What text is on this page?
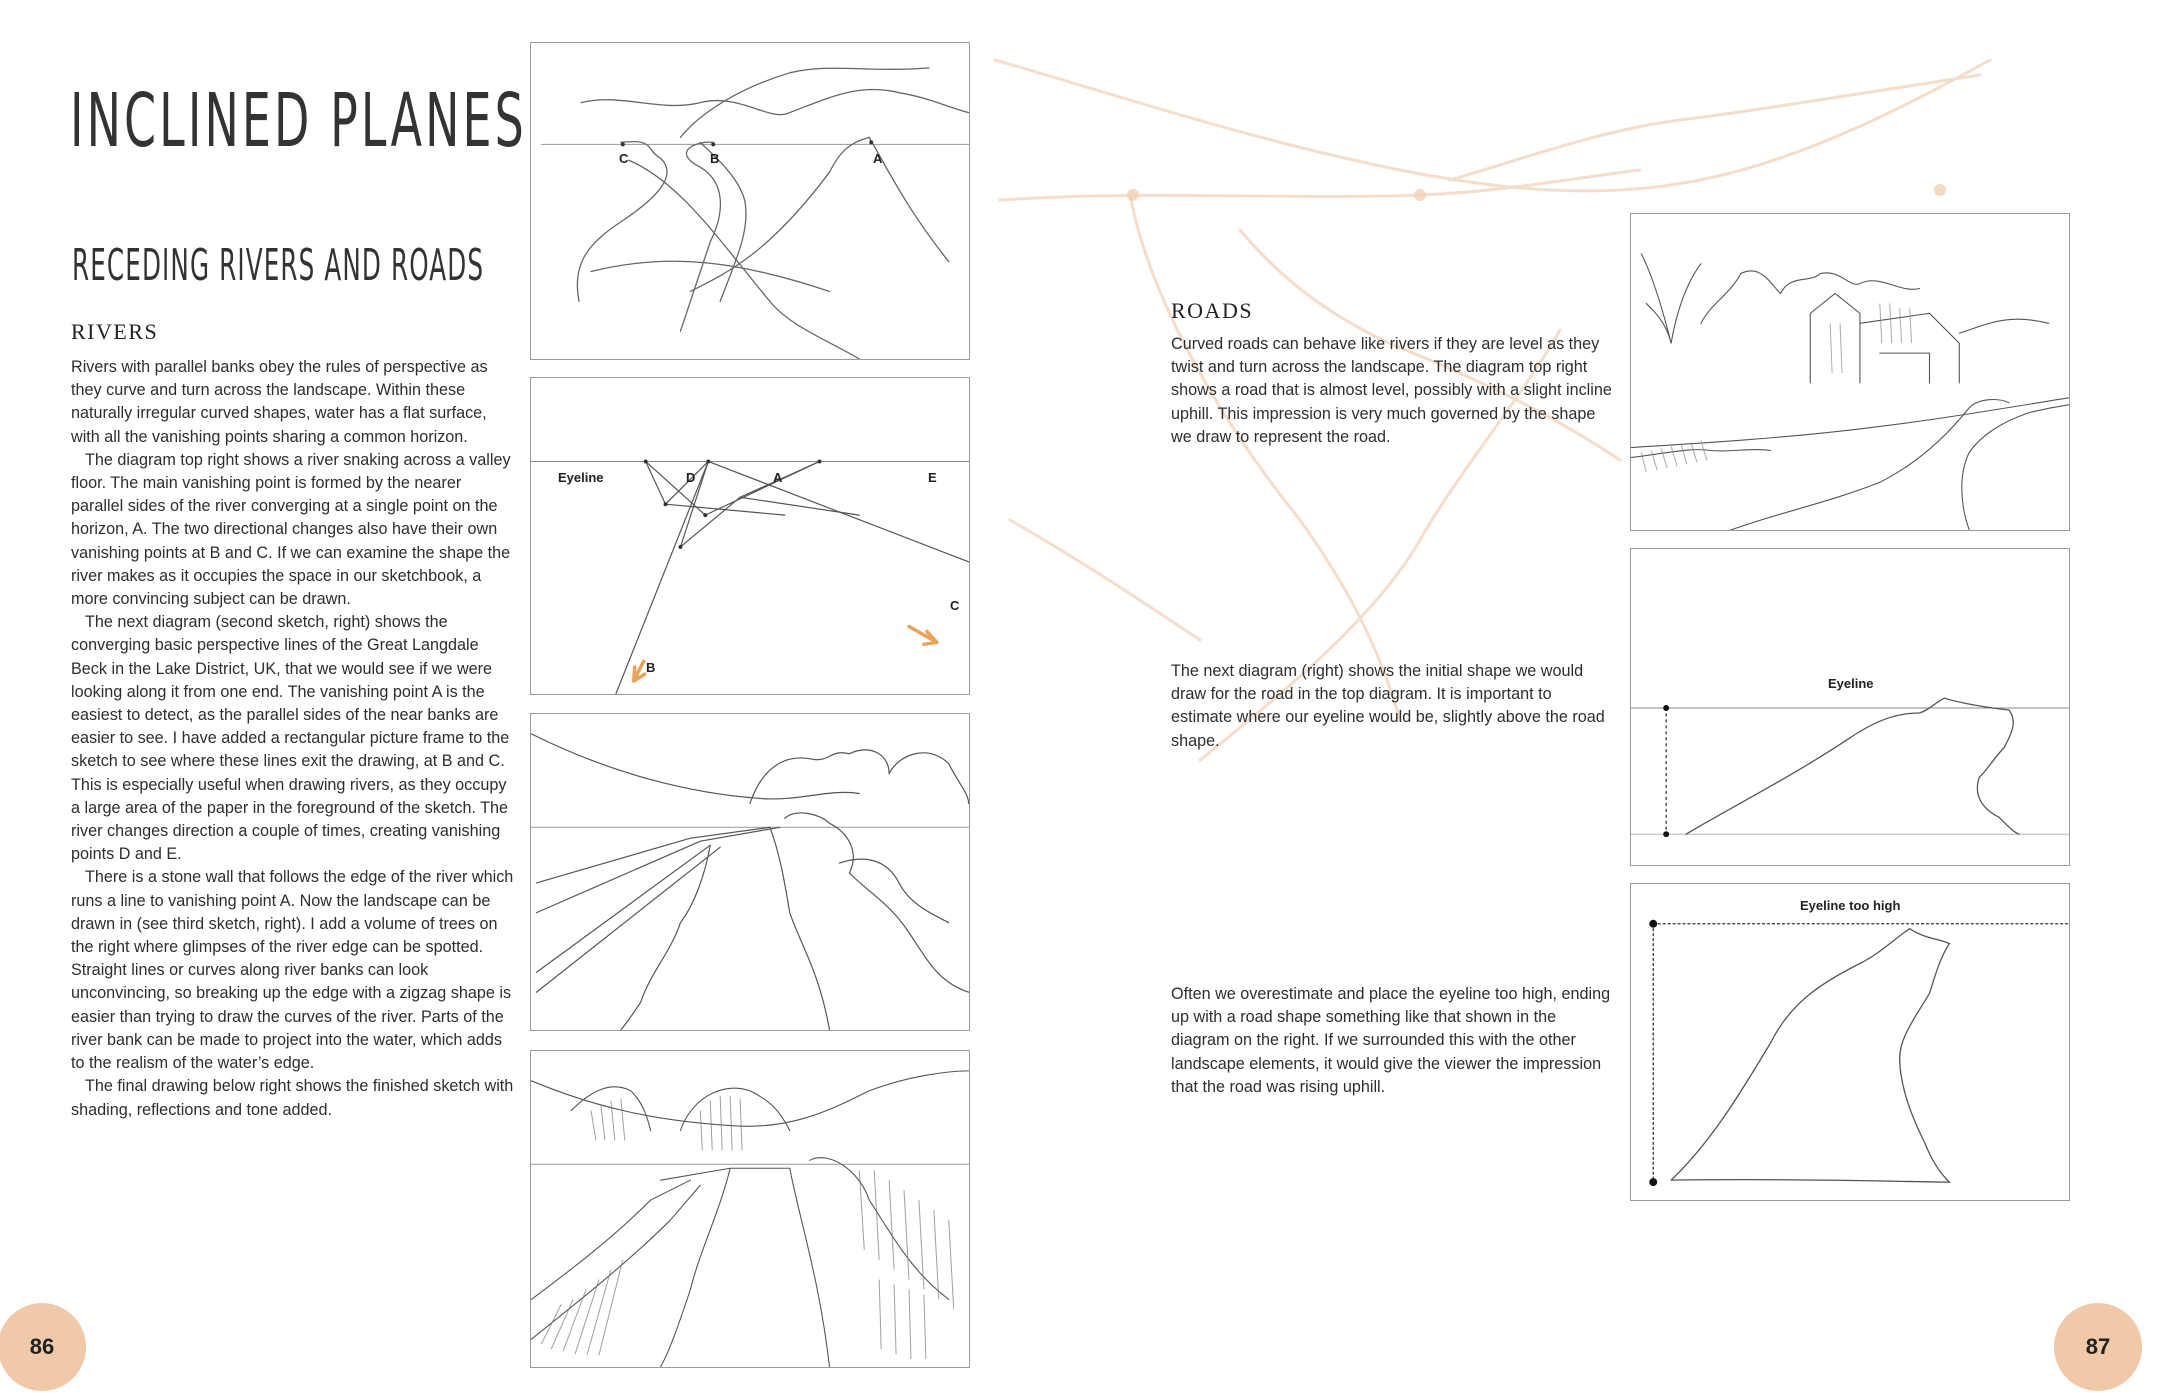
INCLINED PLANES
RECEDING RIVERS AND ROADS
RIVERS

Rivers with parallel banks obey the rules of perspective as they curve and turn across the landscape. Within these naturally irregular curved shapes, water has a flat surface, with all the vanishing points sharing a common horizon.

The diagram top right shows a river snaking across a valley floor. The main vanishing point is formed by the nearer parallel sides of the river converging at a single point on the horizon, A. The two directional changes also have their own vanishing points at B and C. If we can examine the shape the river makes as it occupies the space in our sketchbook, a more convincing subject can be drawn.

The next diagram (second sketch, right) shows the converging basic perspective lines of the Great Langdale Beck in the Lake District, UK, that we would see if we were looking along it from one end. The vanishing point A is the easiest to detect, as the parallel sides of the near banks are easier to see. I have added a rectangular picture frame to the sketch to see where these lines exit the drawing, at B and C. This is especially useful when drawing rivers, as they occupy a large area of the paper in the foreground of the sketch. The river changes direction a couple of times, creating vanishing points D and E.

There is a stone wall that follows the edge of the river which runs a line to vanishing point A. Now the landscape can be drawn in (see third sketch, right). I add a volume of trees on the right where glimpses of the river edge can be spotted. Straight lines or curves along river banks can look unconvincing, so breaking up the edge with a zigzag shape is easier than trying to draw the curves of the river. Parts of the river bank can be made to project into the water, which adds to the realism of the water’s edge.

The final drawing below right shows the finished sketch with shading, reflections and tone added.

C	B	A
Eyeline	D	A	E
C
B
86
ROADS

Curved roads can behave like rivers if they are level as they twist and turn across the landscape. The diagram top right shows a road that is almost level, possibly with a slight incline uphill. This impression is very much governed by the shape we draw to represent the road.

The next diagram (right) shows the initial shape we would draw for the road in the top diagram. It is important to estimate where our eyeline would be, slightly above the road shape.

Often we overestimate and place the eyeline too high, ending up with a road shape something like that shown in the diagram on the right. If we surrounded this with the other landscape elements, it would give the viewer the impression that the road was rising uphill.

Eyeline
Eyeline too high
87
